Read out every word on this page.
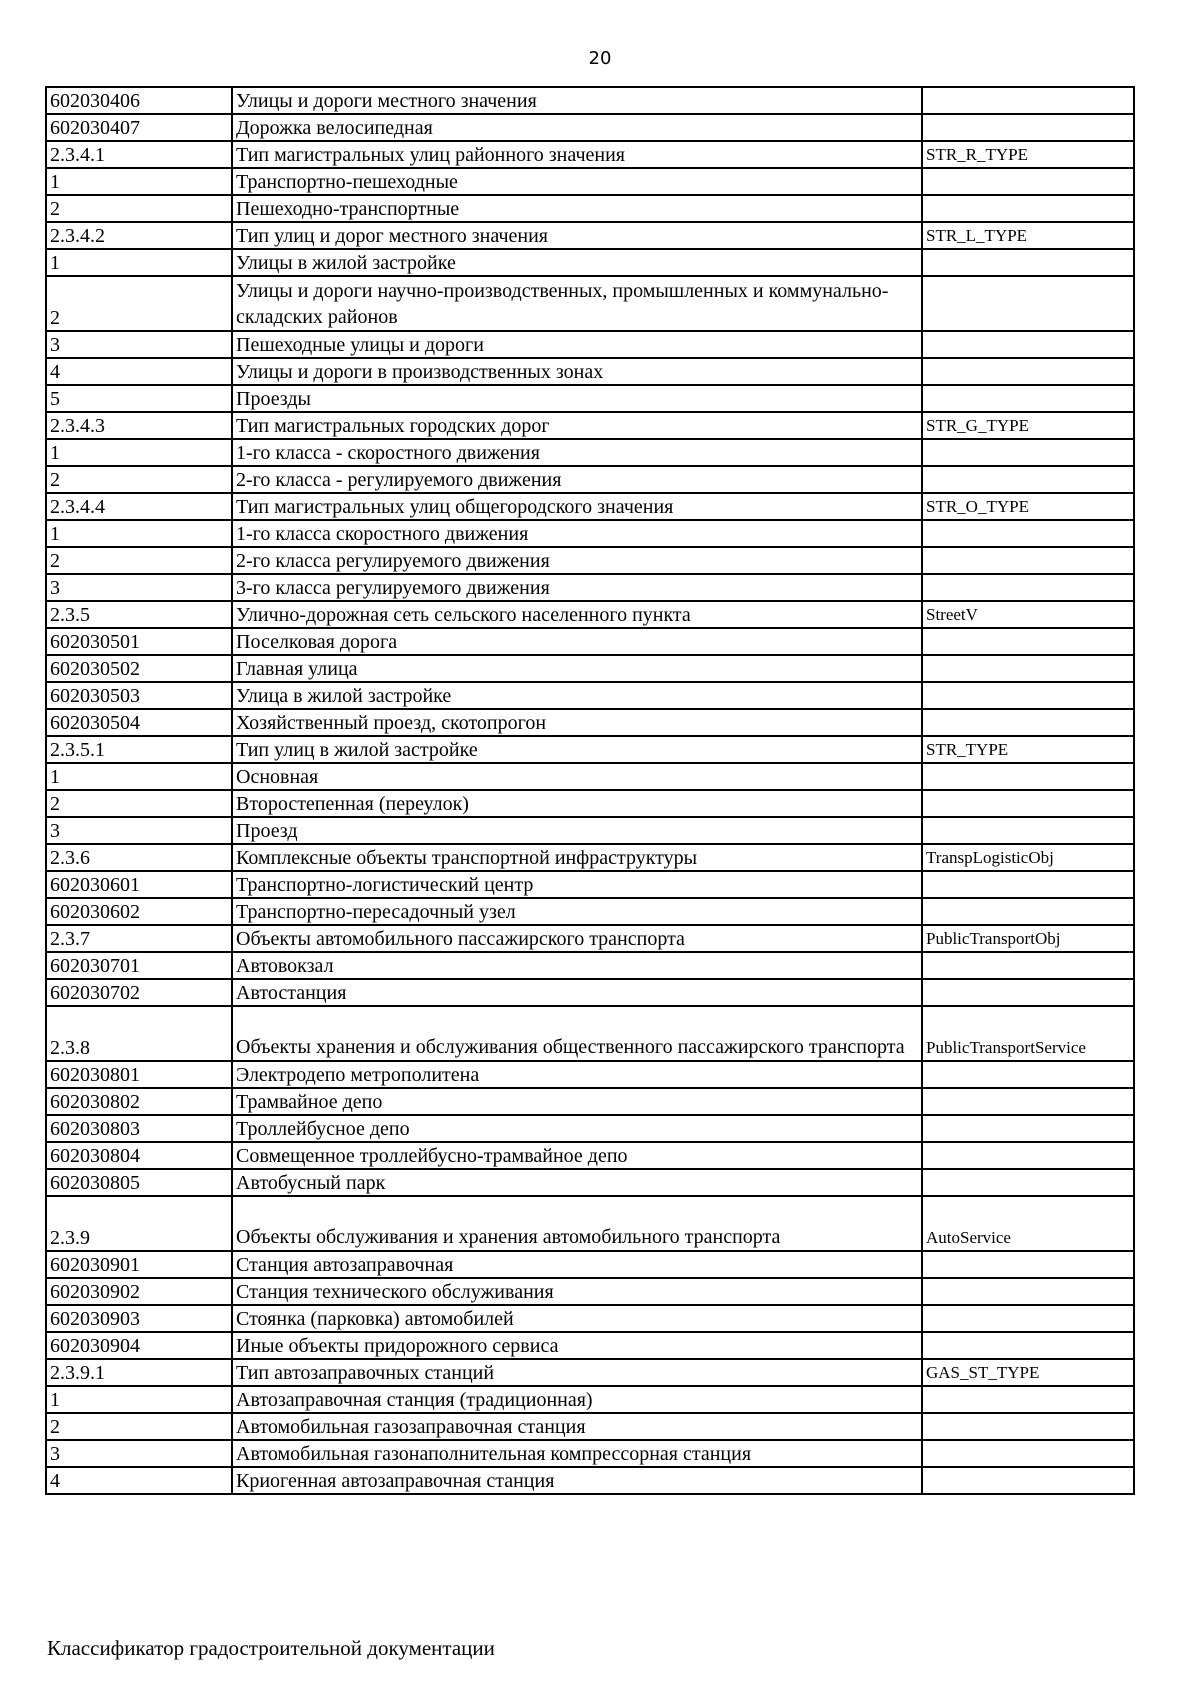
20
602030406	Улицы и дороги местного значения	
602030407	Дорожка велосипедная	
2.3.4.1	Тип магистральных улиц районного значения	STR_R_TYPE
1	Транспортно-пешеходные	
2	Пешеходно-транспортные	
2.3.4.2	Тип улиц и дорог местного значения	STR_L_TYPE
1	Улицы в жилой застройке	
2	Улицы и дороги научно-производственных, промышленных и коммунально-складских районов	
3	Пешеходные улицы и дороги	
4	Улицы и дороги в производственных зонах	
5	Проезды	
2.3.4.3	Тип магистральных городских дорог	STR_G_TYPE
1	1-го класса - скоростного движения	
2	2-го класса - регулируемого движения	
2.3.4.4	Тип магистральных улиц общегородского значения	STR_O_TYPE
1	1-го класса скоростного движения	
2	2-го класса регулируемого движения	
3	3-го класса регулируемого движения	
2.3.5	Улично-дорожная сеть сельского населенного пункта	StreetV
602030501	Поселковая дорога	
602030502	Главная улица	
602030503	Улица в жилой застройке	
602030504	Хозяйственный проезд, скотопрогон	
2.3.5.1	Тип улиц в жилой застройке	STR_TYPE
1	Основная	
2	Второстепенная (переулок)	
3	Проезд	
2.3.6	Комплексные объекты транспортной инфраструктуры	TranspLogisticObj
602030601	Транспортно-логистический центр	
602030602	Транспортно-пересадочный узел	
2.3.7	Объекты автомобильного пассажирского транспорта	PublicTransportObj
602030701	Автовокзал	
602030702	Автостанция	
2.3.8	Объекты хранения и обслуживания общественного пассажирского транспорта	PublicTransportService
602030801	Электродепо метрополитена	
602030802	Трамвайное депо	
602030803	Троллейбусное депо	
602030804	Совмещенное троллейбусно-трамвайное депо	
602030805	Автобусный парк	
2.3.9	Объекты обслуживания и хранения автомобильного транспорта	AutoService
602030901	Станция автозаправочная	
602030902	Станция технического обслуживания	
602030903	Стоянка (парковка) автомобилей	
602030904	Иные объекты придорожного сервиса	
2.3.9.1	Тип автозаправочных станций	GAS_ST_TYPE
1	Автозаправочная станция (традиционная)	
2	Автомобильная газозаправочная станция	
3	Автомобильная газонаполнительная компрессорная станция	
4	Криогенная автозаправочная станция	
Классификатор градостроительной документации
